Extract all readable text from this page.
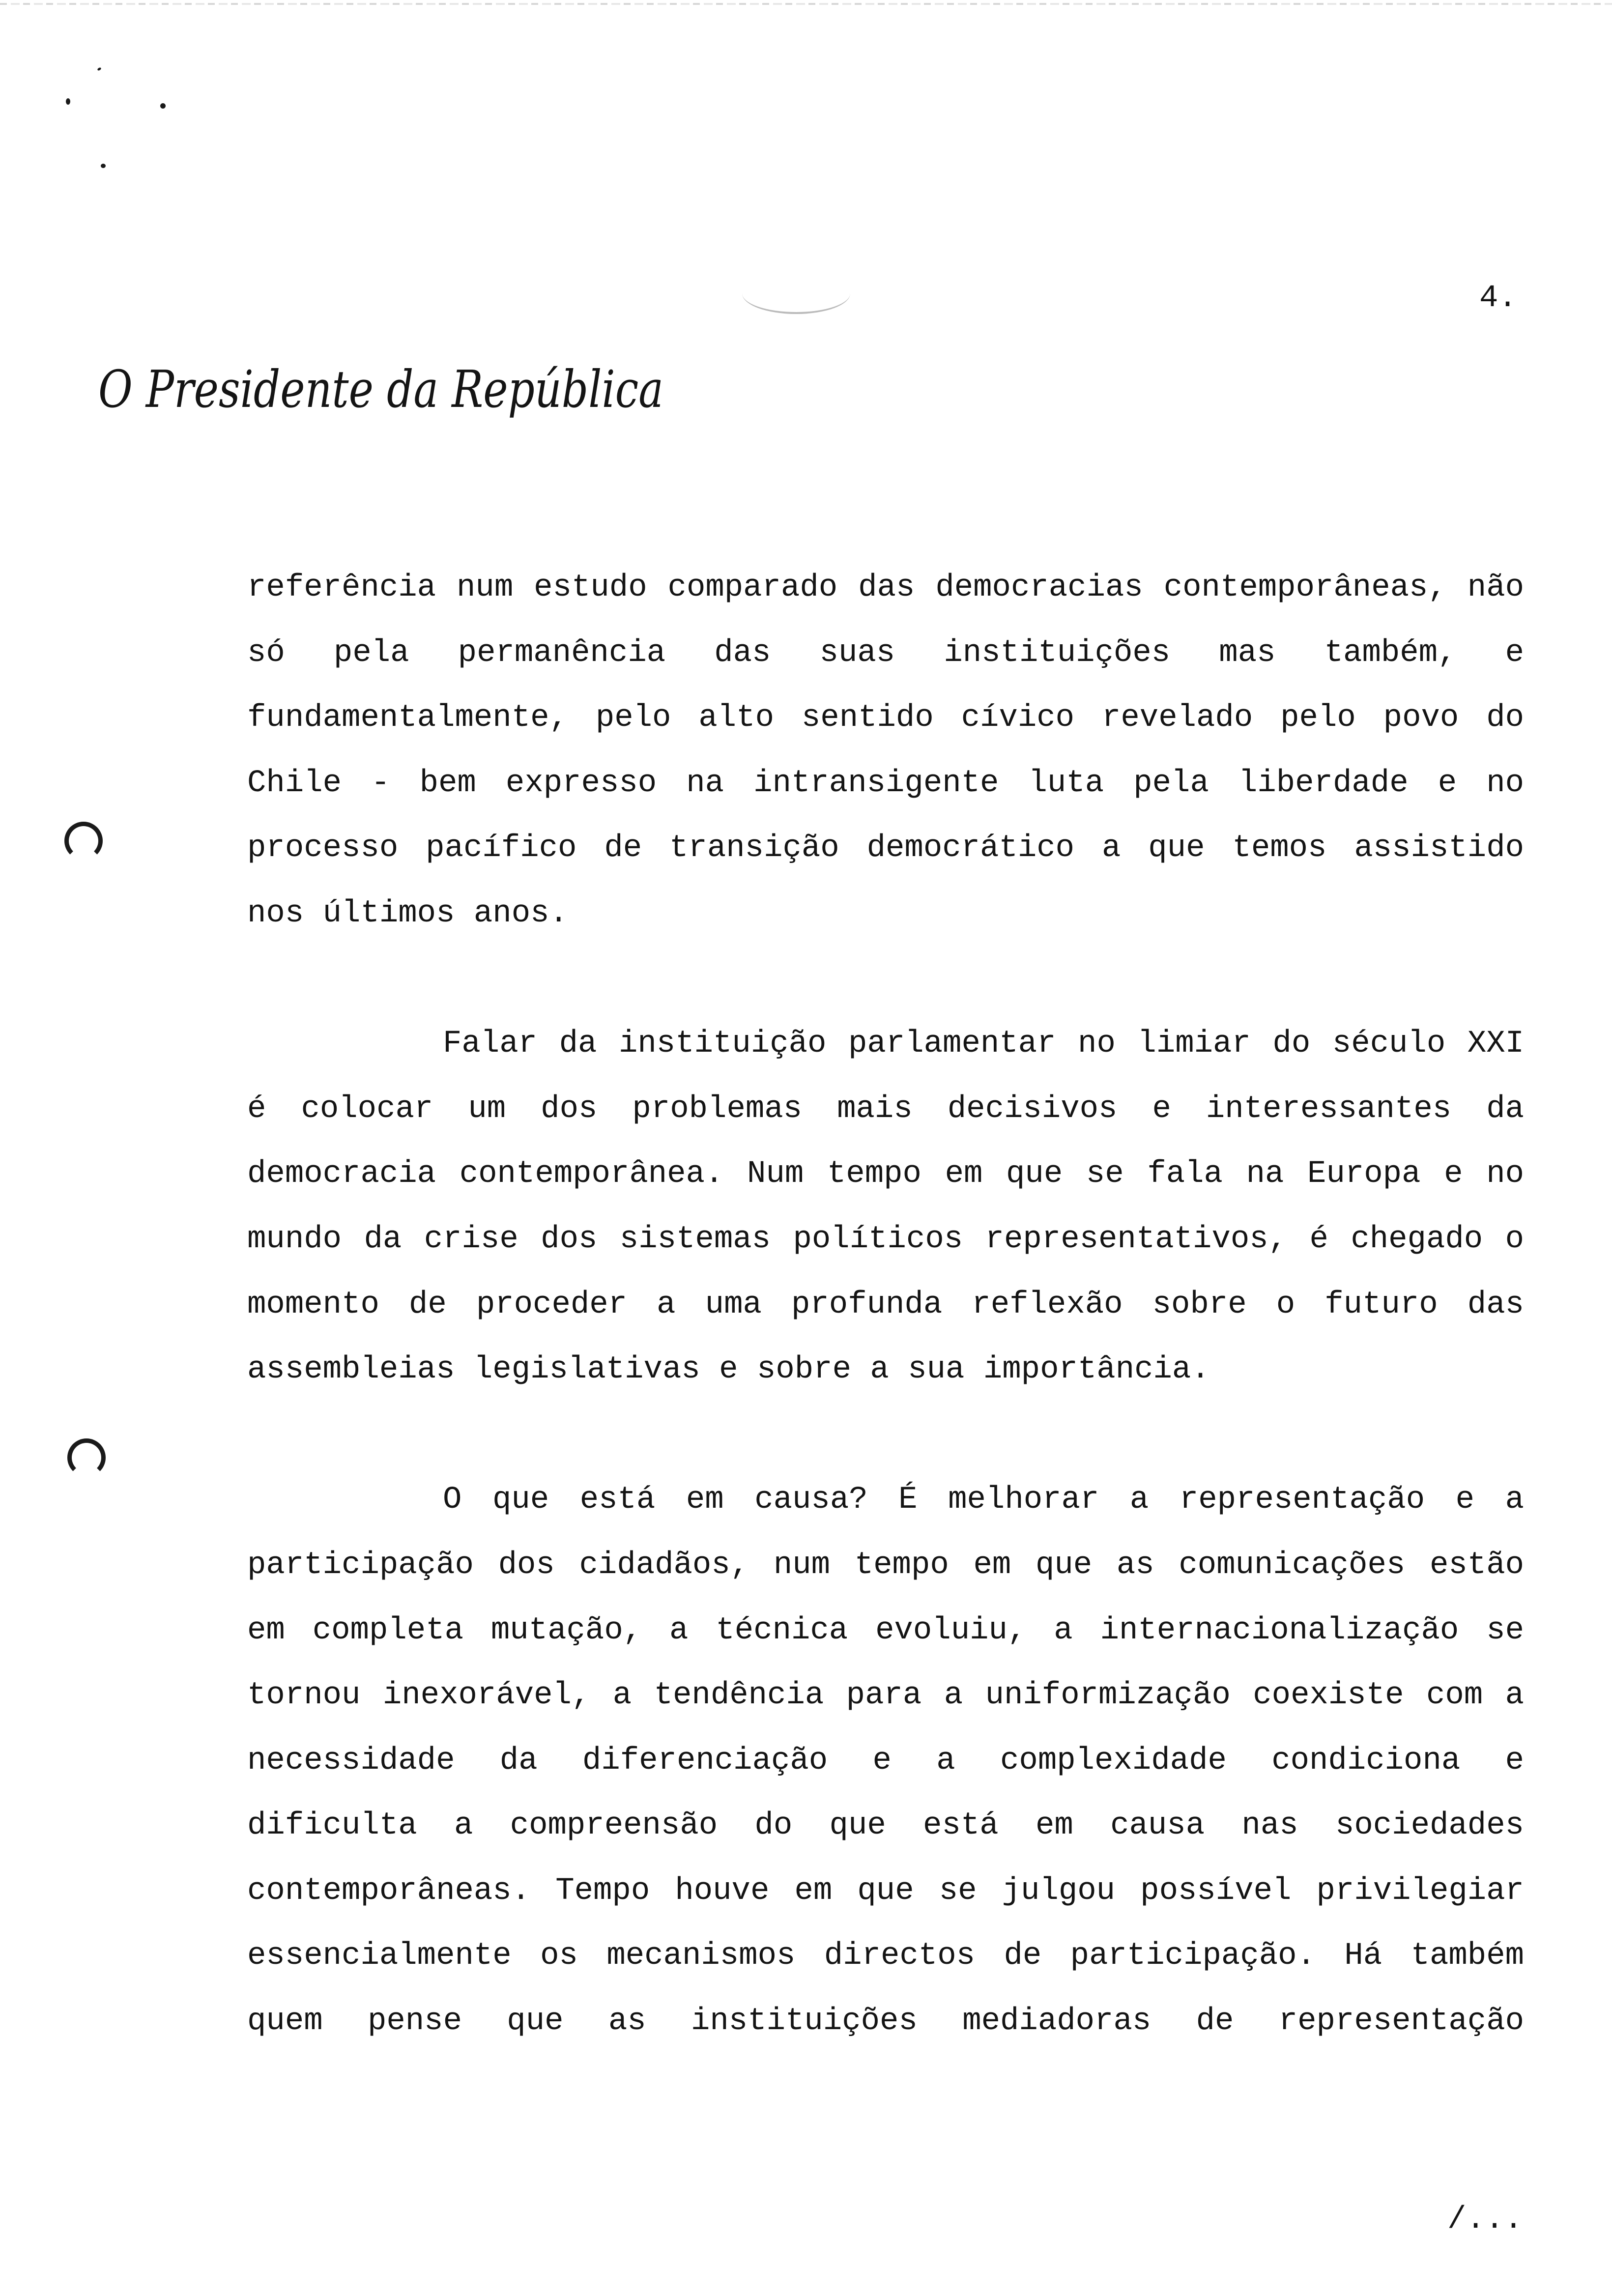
4.
O Presidente da República

referência num estudo comparado das democracias contemporâneas, não só pela permanência das suas instituições mas também, e fundamentalmente, pelo alto sentido cívico revelado pelo povo do Chile - bem expresso na intransigente luta pela liberdade e no processo pacífico de transição democrático a que temos assistido nos últimos anos.

Falar da instituição parlamentar no limiar do século XXI é colocar um dos problemas mais decisivos e interessantes da democracia contemporânea. Num tempo em que se fala na Europa e no mundo da crise dos sistemas políticos representativos, é chegado o momento de proceder a uma profunda reflexão sobre o futuro das assembleias legislativas e sobre a sua importância.

O que está em causa? É melhorar a representação e a participação dos cidadãos, num tempo em que as comunicações estão em completa mutação, a técnica evoluiu, a internacionalização se tornou inexorável, a tendência para a uniformização coexiste com a necessidade da diferenciação e a complexidade condiciona e dificulta a compreensão do que está em causa nas sociedades contemporâneas. Tempo houve em que se julgou possível privilegiar essencialmente os mecanismos directos de participação. Há também quem pense que as instituições mediadoras de representação

/...
